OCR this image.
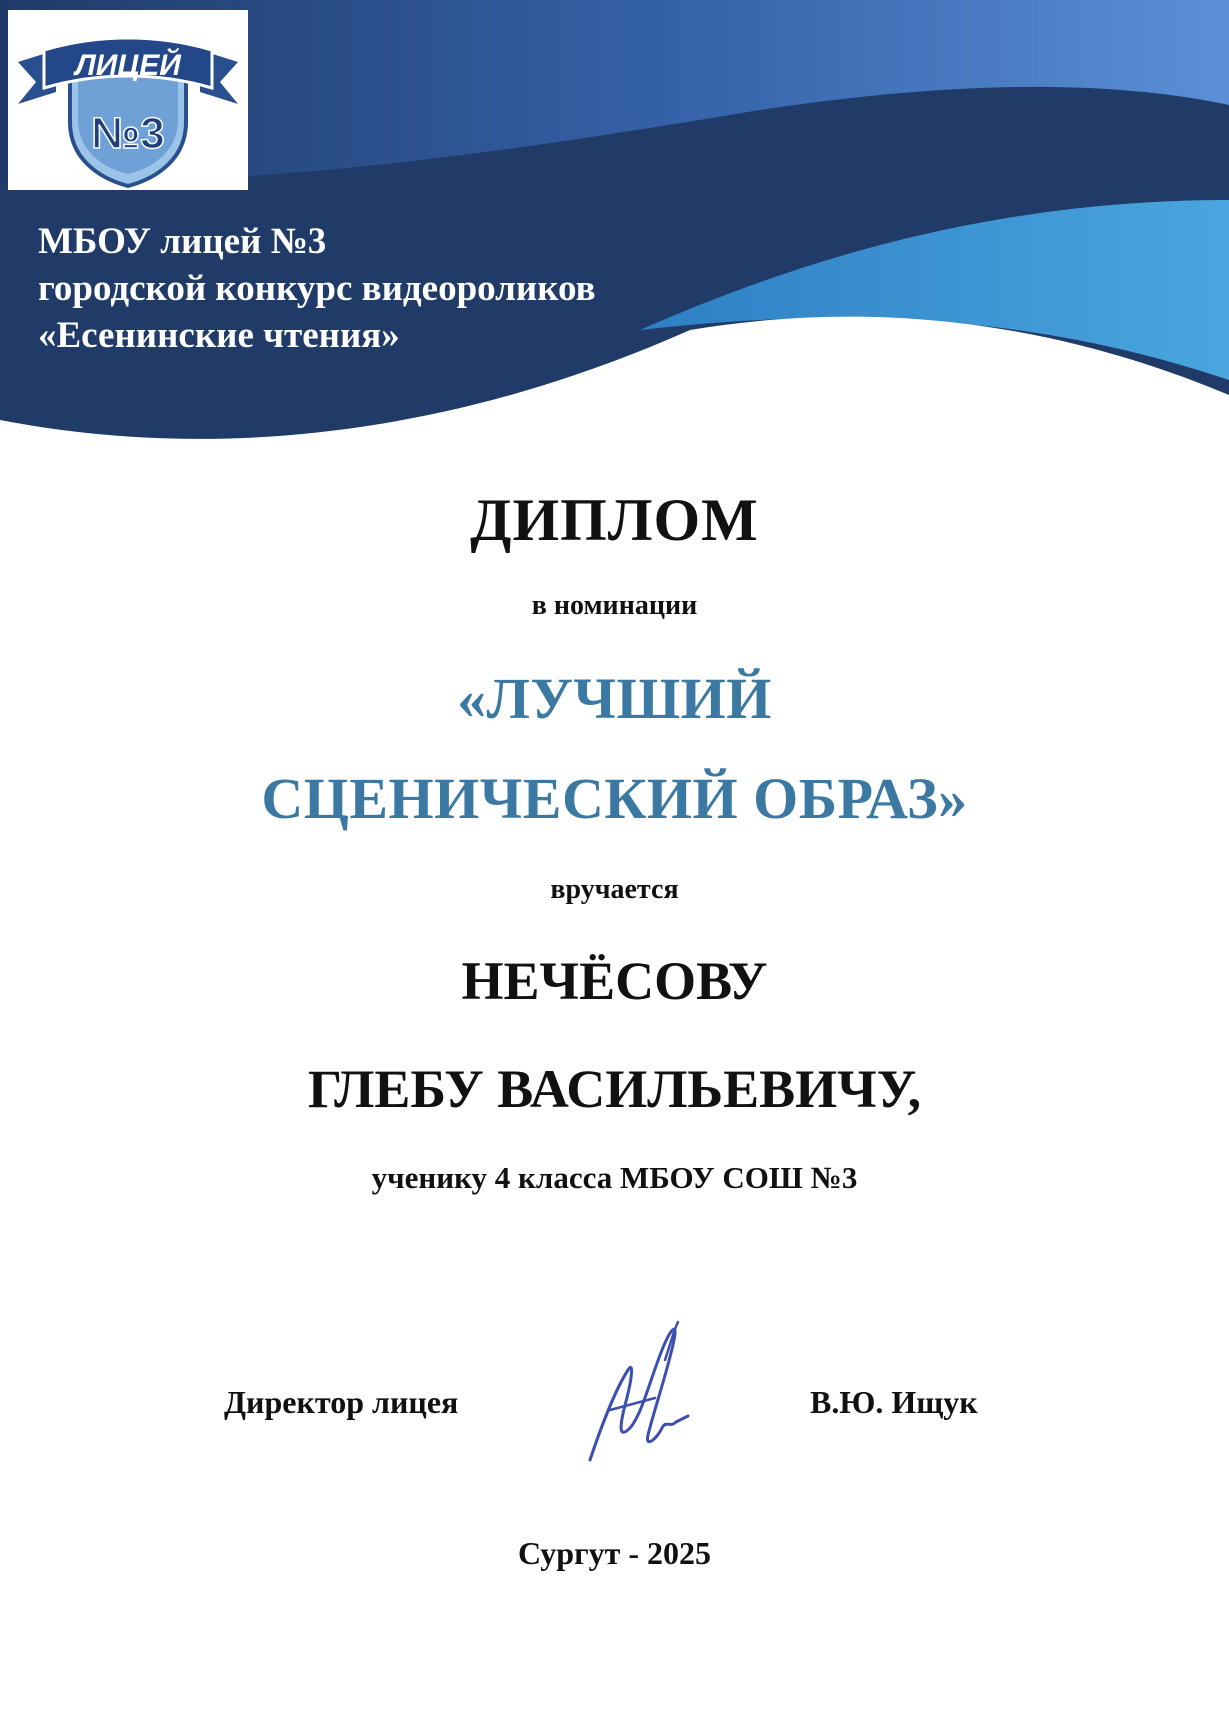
ЛИЦЕЙ
№3
МБОУ лицей №3
городской конкурс видеороликов
«Есенинские чтения»
ДИПЛОМ
в номинации
«ЛУЧШИЙ
СЦЕНИЧЕСКИЙ ОБРАЗ»
вручается
НЕЧЁСОВУ
ГЛЕБУ ВАСИЛЬЕВИЧУ,
ученику 4 класса МБОУ СОШ №3
Директор лицея	В.Ю. Ищук
Сургут - 2025
